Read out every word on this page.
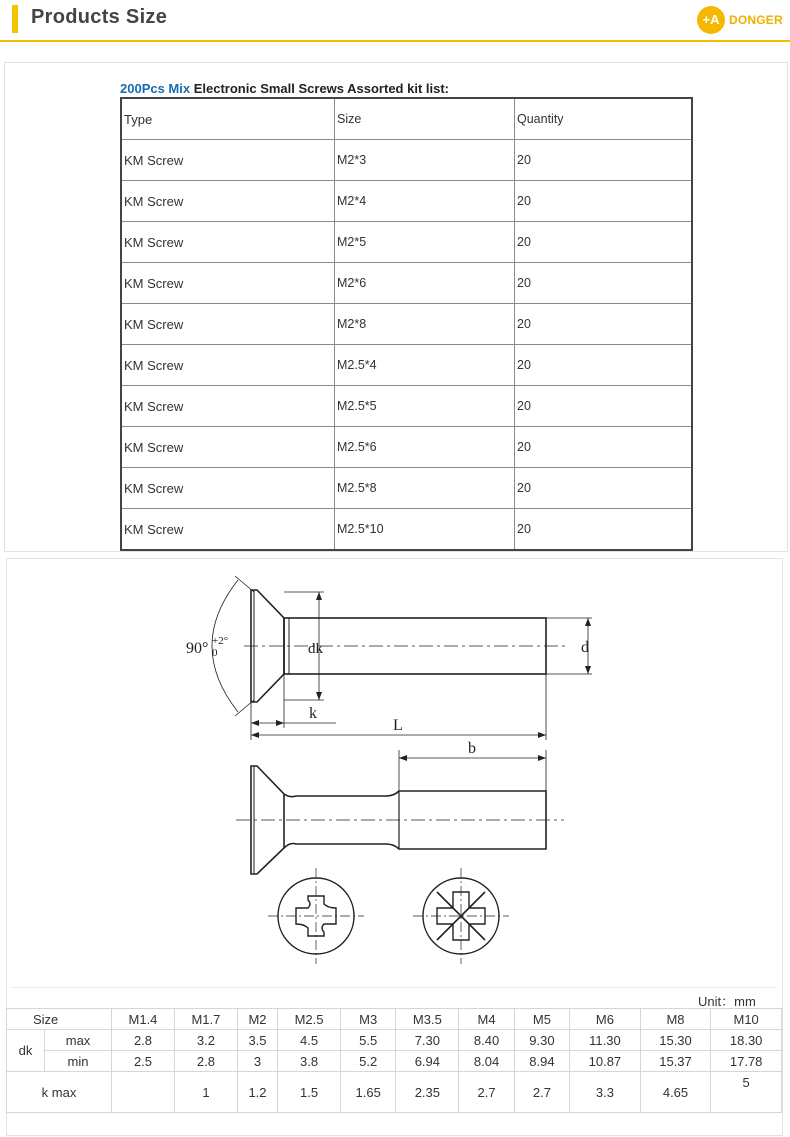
Products Size	+A DONGER
200Pcs Mix Electronic Small Screws Assorted kit list:
Type	Size	Quantity
KM Screw	M2*3	20
KM Screw	M2*4	20
KM Screw	M2*5	20
KM Screw	M2*6	20
KM Screw	M2*8	20
KM Screw	M2.5*4	20
KM Screw	M2.5*5	20
KM Screw	M2.5*6	20
KM Screw	M2.5*8	20
KM Screw	M2.5*10	20
90° +2°
0	dk	d
k
L
b
Unit：mm
Size		M1.4	M1.7	M2	M2.5	M3	M3.5	M4	M5	M6	M8	M10
dk	max	2.8	3.2	3.5	4.5	5.5	7.30	8.40	9.30	11.30	15.30	18.30
	min	2.5	2.8	3	3.8	5.2	6.94	8.04	8.94	10.87	15.37	17.78
k max			1	1.2	1.5	1.65	2.35	2.7	2.7	3.3	4.65	5
